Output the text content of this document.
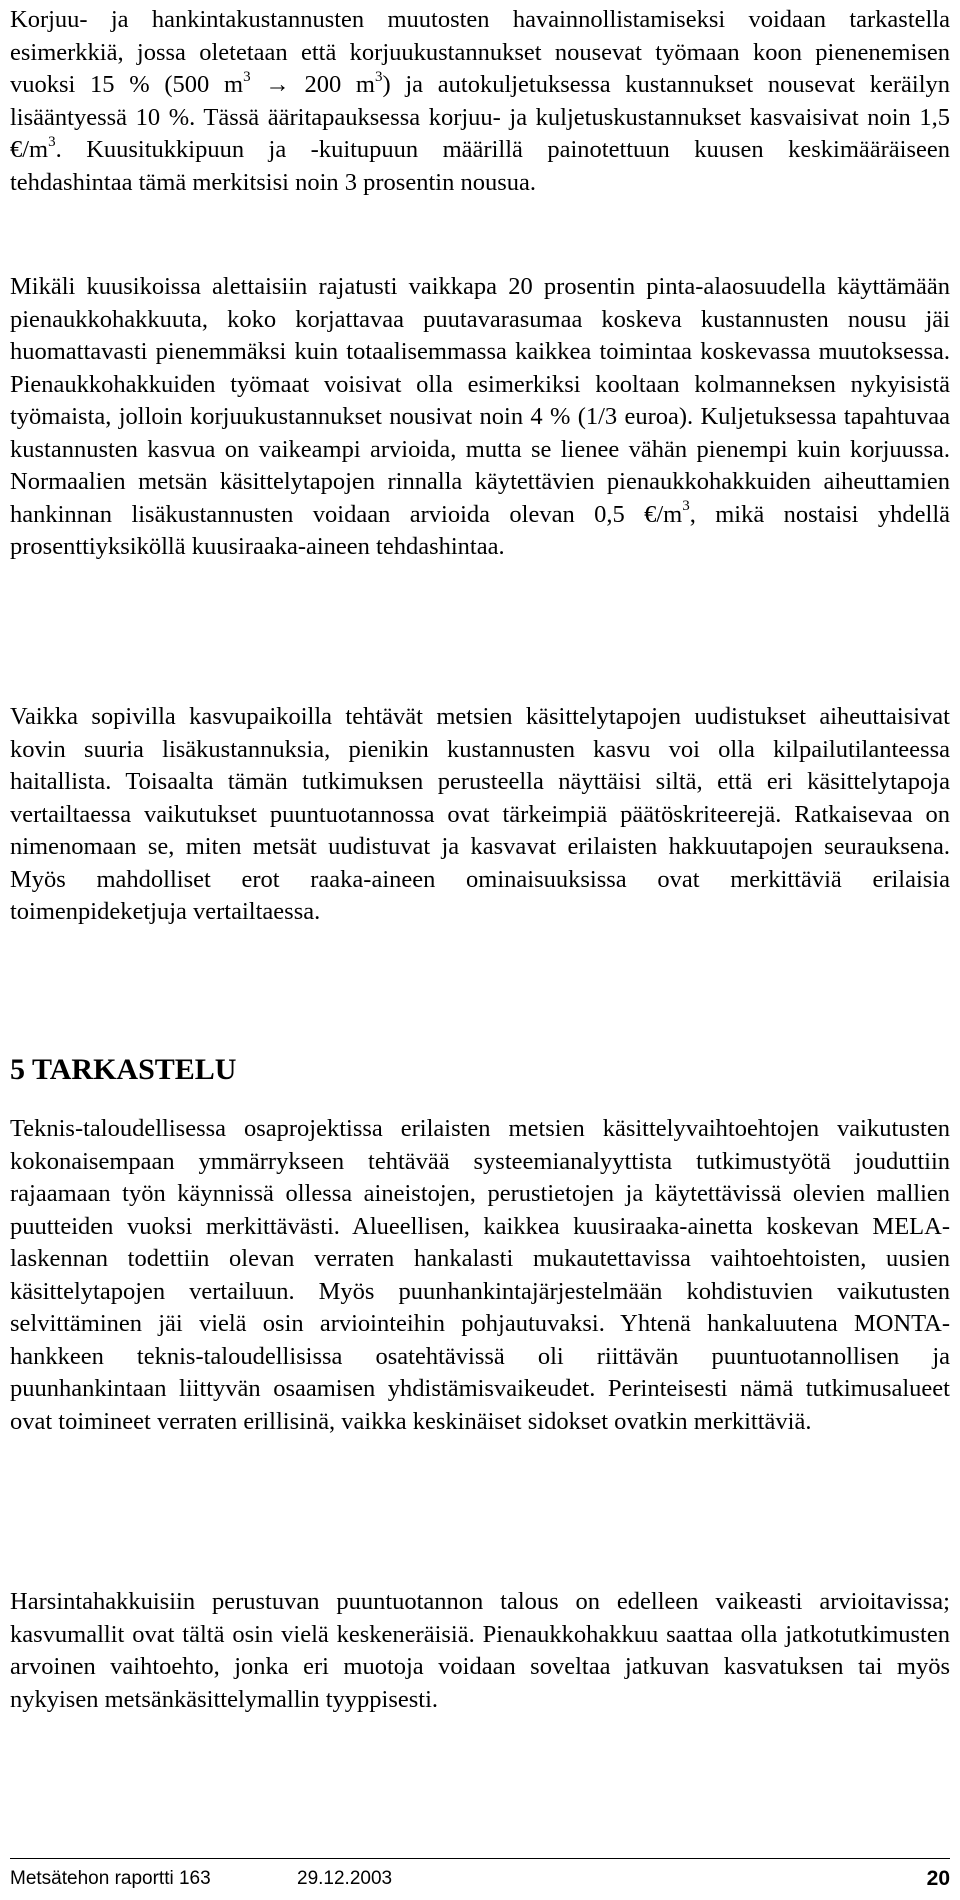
Korjuu- ja hankintakustannusten muutosten havainnollistamiseksi voidaan tarkastella esimerkkiä, jossa oletetaan että korjuukustannukset nousevat työmaan koon pienenemisen vuoksi 15 % (500 $m^3 \to 200$ $m^3$) ja autokuljetuksessa kustannukset nousevat keräilyn lisääntyessä 10 %. Tässä ääritapauksessa korjuu- ja kuljetuskustannukset kasvaisivat noin 1,5 $€/m^3$. Kuusitukkipuun ja -kuitupuun määrillä painotettuun kuusen keskimääräiseen tehdashintaa tämä merkitsisi noin 3 prosentin nousua.

Mikäli kuusikoissa alettaisiin rajatusti vaikkapa 20 prosentin pinta-alaosuudella käyttämään pienaukkohakkuuta, koko korjattavaa puutavarasumaa koskeva kustannusten nousu jäi huomattavasti pienemmäksi kuin totaalisemmassa kaikkea toimintaa koskevassa muutoksessa. Pienaukkohakkuiden työmaat voisivat olla esimerkiksi kooltaan kolmanneksen nykyisistä työmaista, jolloin korjuukustannukset nousivat noin 4 % (1/3 euroa). Kuljetuksessa tapahtuvaa kustannusten kasvua on vaikeampi arvioida, mutta se lienee vähän pienempi kuin korjuussa. Normaalien metsän käsittelytapojen rinnalla käytettävien pienaukkohakkuiden aiheuttamien hankinnan lisäkustannusten voidaan arvioida olevan 0,5 $€/m^3$, mikä nostaisi yhdellä prosenttiyksiköllä kuusiraaka-aineen tehdashintaa.

Vaikka sopivilla kasvupaikoilla tehtävät metsien käsittelytapojen uudistukset aiheuttaisivat kovin suuria lisäkustannuksia, pienikin kustannusten kasvu voi olla kilpailutilanteessa haitallista. Toisaalta tämän tutkimuksen perusteella näyttäisi siltä, että eri käsittelytapoja vertailtaessa vaikutukset puuntuotannossa ovat tärkeimpiä päätöskriteerejä. Ratkaisevaa on nimenomaan se, miten metsät uudistuvat ja kasvavat erilaisten hakkuutapojen seurauksena. Myös mahdolliset erot raaka-aineen ominaisuuksissa ovat merkittäviä erilaisia toimenpideketjuja vertailtaessa.

5 TARKASTELU

Teknis-taloudellisessa osaprojektissa erilaisten metsien käsittelyvaihtoehtojen vaikutusten kokonaisempaan ymmärrykseen tehtävää systeemianalyyttista tutkimustyötä jouduttiin rajaamaan työn käynnissä ollessa aineistojen, perustietojen ja käytettävissä olevien mallien puutteiden vuoksi merkittävästi. Alueellisen, kaikkea kuusiraaka-ainetta koskevan MELA-laskennan todettiin olevan verraten hankalasti mukautettavissa vaihtoehtoisten, uusien käsittelytapojen vertailuun. Myös puunhankintajärjestelmään kohdistuvien vaikutusten selvittäminen jäi vielä osin arviointeihin pohjautuvaksi. Yhtenä hankaluutena MONTA-hankkeen teknis-taloudellisissa osatehtävissä oli riittävän puuntuotannollisen ja puunhankintaan liittyvän osaamisen yhdistämisvaikeudet. Perinteisesti nämä tutkimusalueet ovat toimineet verraten erillisinä, vaikka keskinäiset sidokset ovatkin merkittäviä.

Harsintahakkuisiin perustuvan puuntuotannon talous on edelleen vaikeasti arvioitavissa; kasvumallit ovat tältä osin vielä keskeneräisiä. Pienaukkohakkuu saattaa olla jatkotutkimusten arvoinen vaihtoehto, jonka eri muotoja voidaan soveltaa jatkuvan kasvatuksen tai myös nykyisen metsänkäsittelymallin tyyppisesti.

Metsätehon raportti 163	29.12.2003	20
